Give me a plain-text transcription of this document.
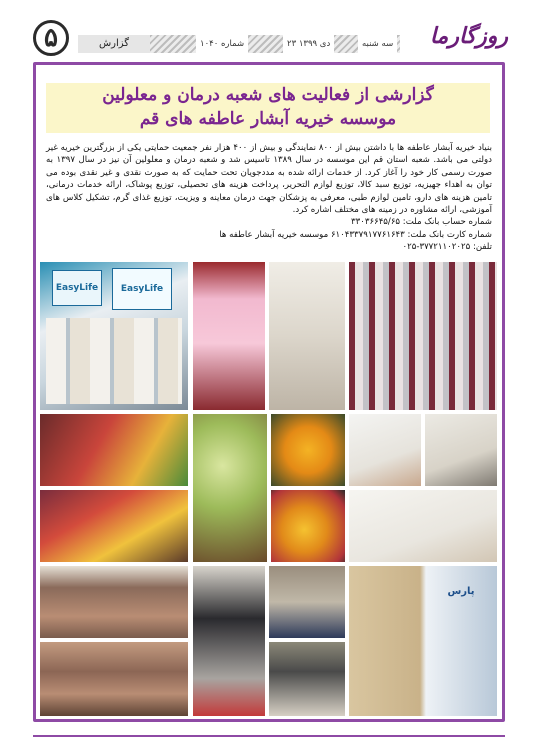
۵	گزارش	شماره ۱۰۴۰	۲۳ دی ۱۳۹۹	سه شنبه	روزگارما
گزارشی از فعالیت های شعبه درمان و معلولین
موسسه خیریه آبشار عاطفه های قم

بنیاد خیریه آبشار عاطفه ها با داشتن بیش از ۸۰۰ نمایندگی و بیش از ۴۰۰ هزار نفر جمعیت حمایتی یکی از بزرگترین خیریه غیر دولتی می باشد. شعبه استان قم این موسسه در سال ۱۳۸۹ تاسیس شد و شعبه درمان و معلولین آن نیز در سال ۱۳۹۷ به صورت رسمی کار خود را آغاز کرد. از خدمات ارائه شده به مددجویان تحت حمایت که به صورت نقدی و غیر نقدی بوده می توان به اهداء جهیزیه، توزیع سبد کالا، توزیع لوازم التحریر، پرداخت هزینه های تحصیلی، توزیع پوشاک، ارائه خدمات درمانی، تامین هزینه های دارو، تامین لوازم طبی، معرفی به پزشکان جهت درمان معاینه و ویزیت، توزیع غذای گرم، تشکیل کلاس های آموزشی، ارائه مشاوره در زمینه های مختلف اشاره کرد.

شماره حساب بانک ملت: ۳۳۰۳۶۶۴۵/۶۵
شماره کارت بانک ملت: ۶۱۰۴۳۳۷۹۱۷۷۶۱۶۴۳ موسسه خیریه آبشار عاطفه ها
تلفن: ۳۷۷۲۱۱۰۲۰۲۵-۰۲۵
EasyLife	EasyLife
پارس
